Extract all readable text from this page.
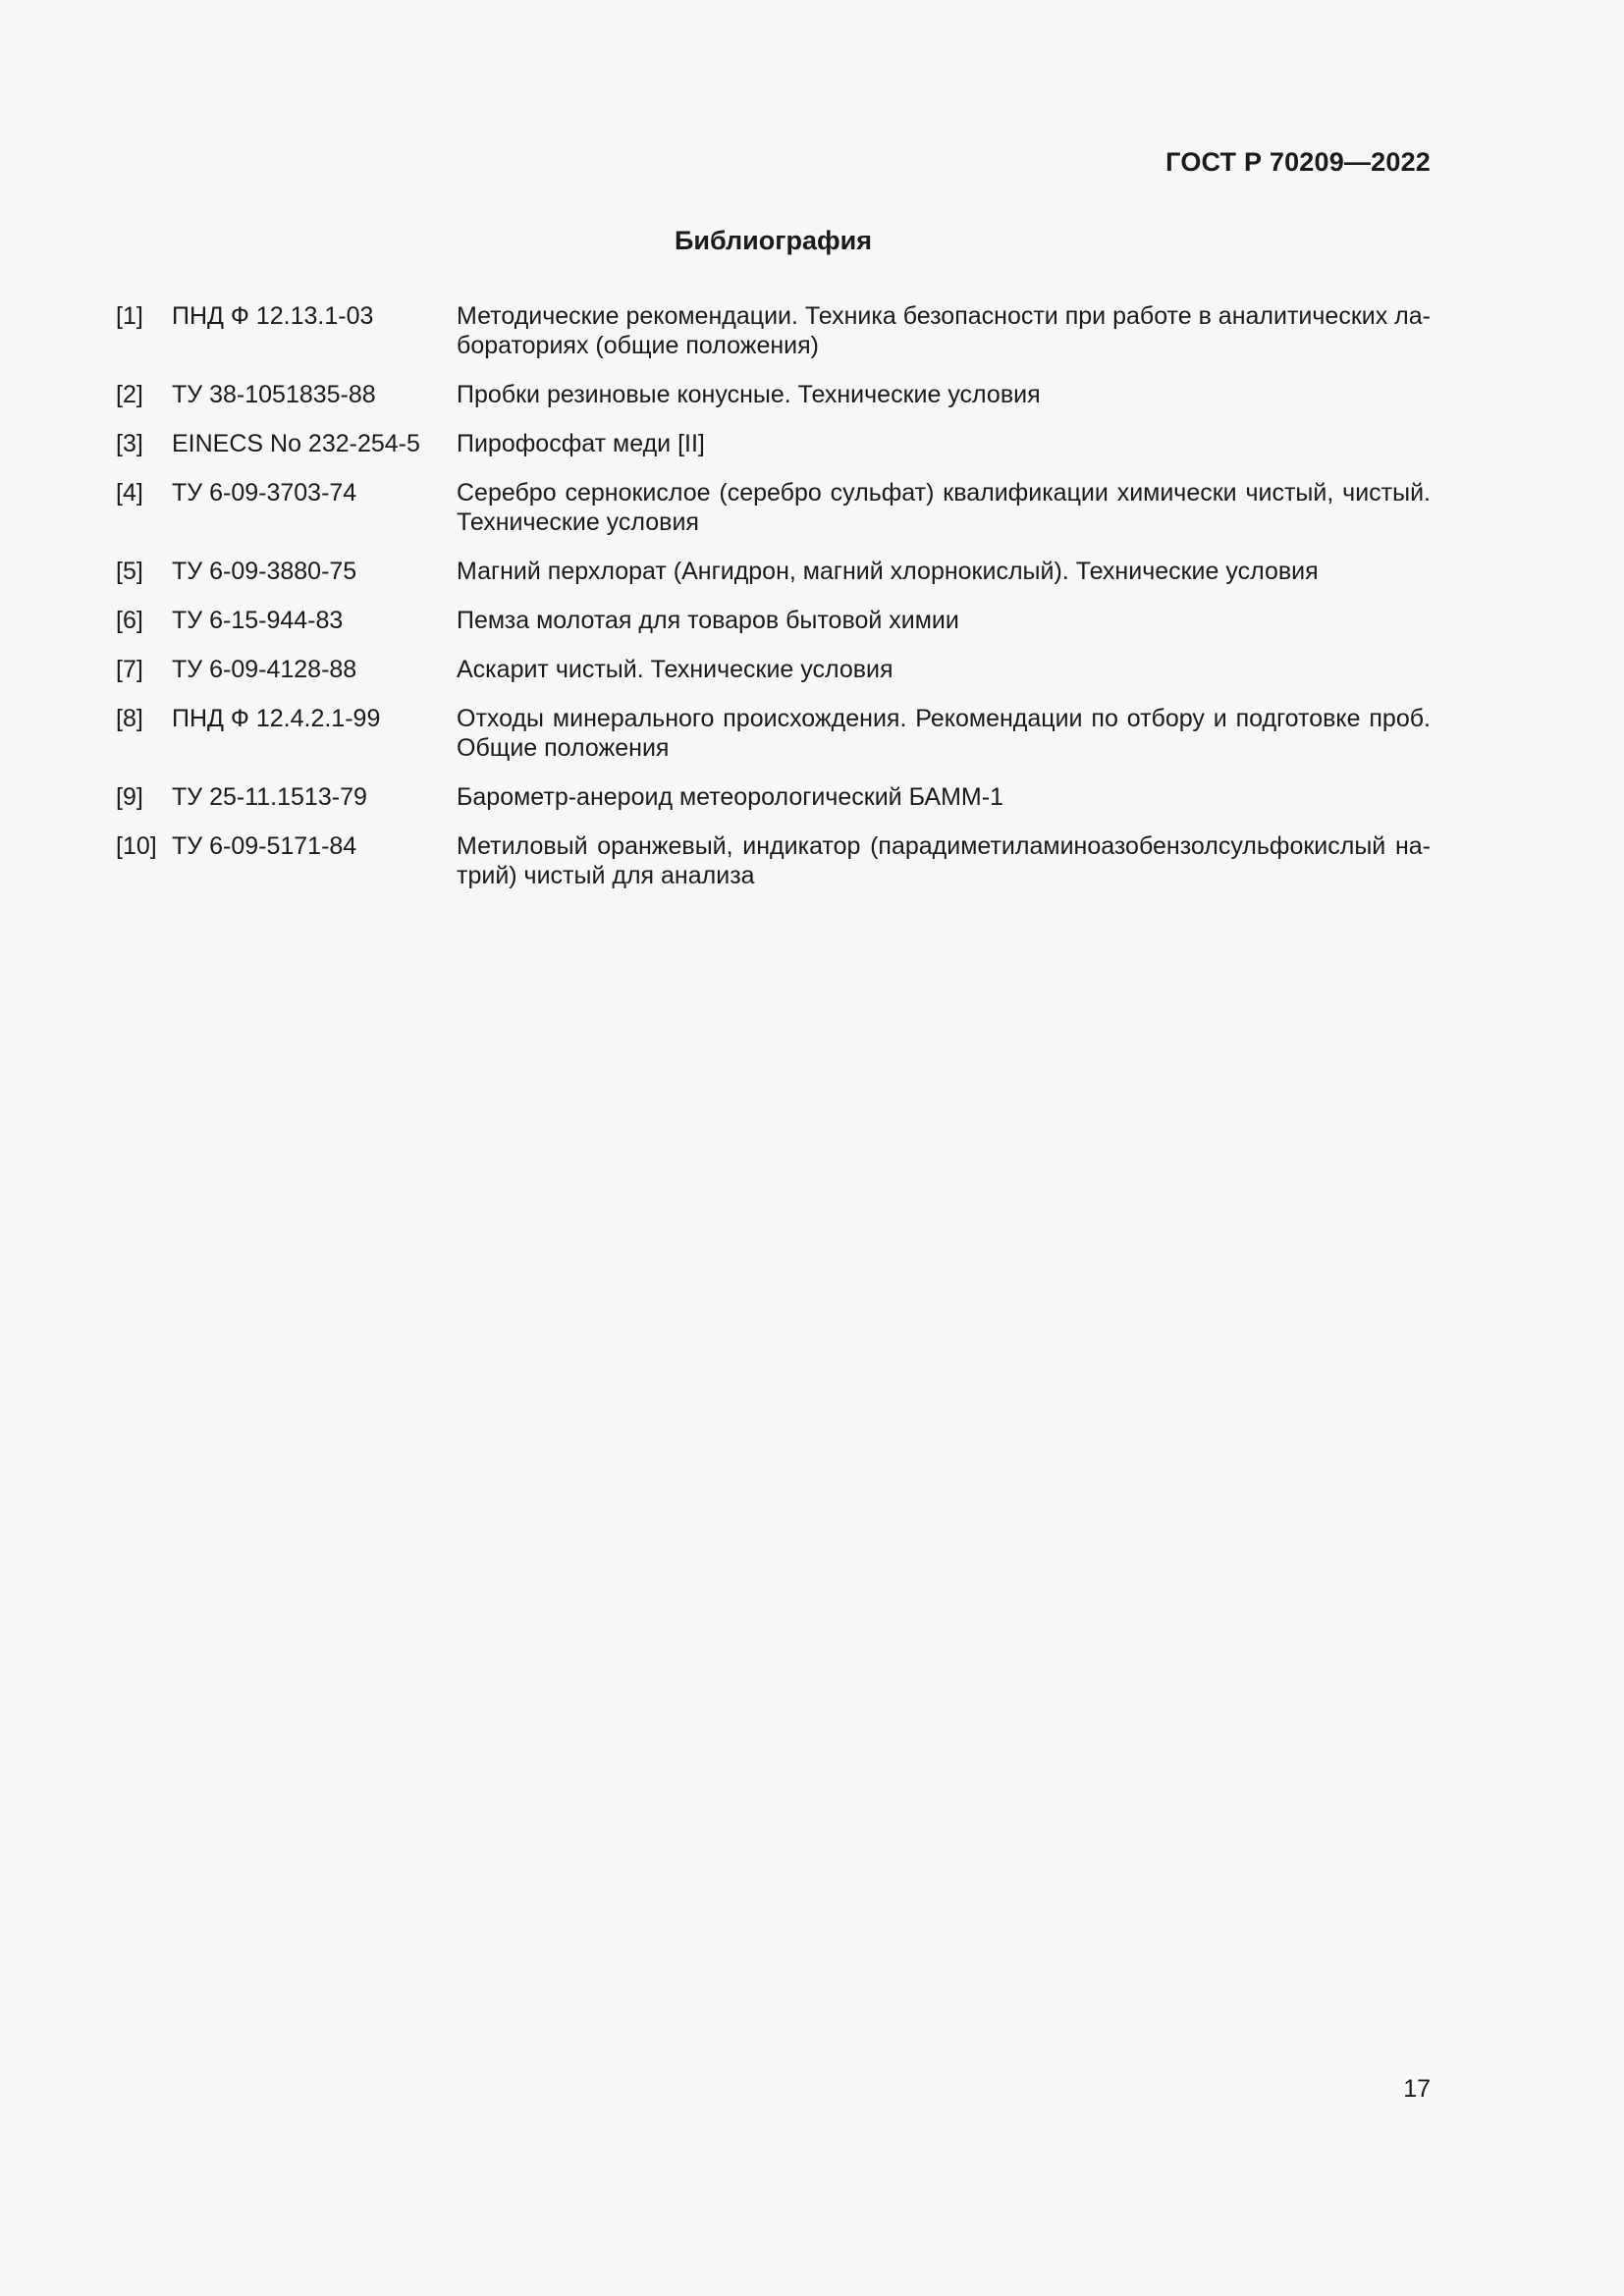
ГОСТ Р 70209—2022
Библиография
[1]	ПНД Ф 12.13.1-03	Методические рекомендации. Техника безопасности при работе в аналитических лабораториях (общие положения)
[2]	ТУ 38-1051835-88	Пробки резиновые конусные. Технические условия
[3]	EINECS No 232-254-5	Пирофосфат меди [II]
[4]	ТУ 6-09-3703-74	Серебро сернокислое (серебро сульфат) квалификации химически чистый, чистый. Технические условия
[5]	ТУ 6-09-3880-75	Магний перхлорат (Ангидрон, магний хлорнокислый). Технические условия
[6]	ТУ 6-15-944-83	Пемза молотая для товаров бытовой химии
[7]	ТУ 6-09-4128-88	Аскарит чистый. Технические условия
[8]	ПНД Ф 12.4.2.1-99	Отходы минерального происхождения. Рекомендации по отбору и подготовке проб. Общие положения
[9]	ТУ 25-11.1513-79	Барометр-анероид метеорологический БАММ-1
[10] ТУ 6-09-5171-84	Метиловый оранжевый, индикатор (парадиметиламиноазобензолсульфокислый натрий) чистый для анализа
17
